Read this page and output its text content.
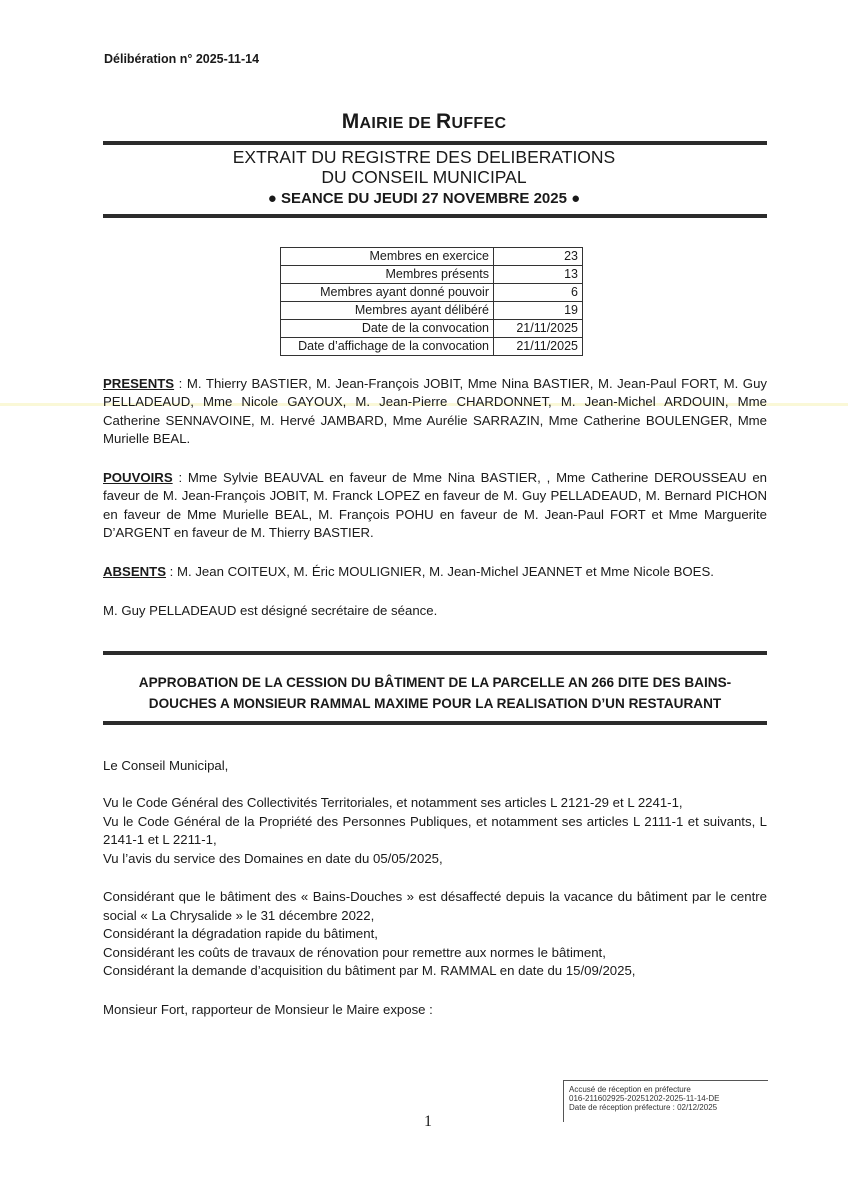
Délibération n° 2025-11-14
MAIRIE DE RUFFEC
EXTRAIT DU REGISTRE DES DELIBERATIONS
DU CONSEIL MUNICIPAL
● SEANCE DU JEUDI 27 NOVEMBRE 2025 ●
Membres en exercice	23
Membres présents	13
Membres ayant donné pouvoir	6
Membres ayant délibéré	19
Date de la convocation	21/11/2025
Date d’affichage de la convocation	21/11/2025
PRESENTS : M. Thierry BASTIER, M. Jean-François JOBIT, Mme Nina BASTIER, M. Jean-Paul FORT, M. Guy PELLADEAUD, Mme Nicole GAYOUX, M. Jean-Pierre CHARDONNET, M. Jean-Michel ARDOUIN, Mme Catherine SENNAVOINE, M. Hervé JAMBARD, Mme Aurélie SARRAZIN, Mme Catherine BOULENGER, Mme Murielle BEAL.
POUVOIRS : Mme Sylvie BEAUVAL en faveur de Mme Nina BASTIER, , Mme Catherine DEROUSSEAU en faveur de M. Jean-François JOBIT, M. Franck LOPEZ en faveur de M. Guy PELLADEAUD, M. Bernard PICHON en faveur de Mme Murielle BEAL, M. François POHU en faveur de M. Jean-Paul FORT et Mme Marguerite D’ARGENT en faveur de M. Thierry BASTIER.
ABSENTS : M. Jean COITEUX, M. Éric MOULIGNIER, M. Jean-Michel JEANNET et Mme Nicole BOES.
M. Guy PELLADEAUD est désigné secrétaire de séance.
APPROBATION DE LA CESSION DU BÂTIMENT DE LA PARCELLE AN 266 DITE DES BAINS-
DOUCHES A MONSIEUR RAMMAL MAXIME POUR LA REALISATION D’UN RESTAURANT
Le Conseil Municipal,
Vu le Code Général des Collectivités Territoriales, et notamment ses articles L 2121-29 et L 2241-1,
Vu le Code Général de la Propriété des Personnes Publiques, et notamment ses articles L 2111-1 et suivants, L 2141-1 et L 2211-1,
Vu l’avis du service des Domaines en date du 05/05/2025,
Considérant que le bâtiment des « Bains-Douches » est désaffecté depuis la vacance du bâtiment par le centre social « La Chrysalide » le 31 décembre 2022,
Considérant la dégradation rapide du bâtiment,
Considérant les coûts de travaux de rénovation pour remettre aux normes le bâtiment,
Considérant la demande d’acquisition du bâtiment par M. RAMMAL en date du 15/09/2025,
Monsieur Fort, rapporteur de Monsieur le Maire expose :
Accusé de réception en préfecture
016-211602925-20251202-2025-11-14-DE
Date de réception préfecture : 02/12/2025
1
